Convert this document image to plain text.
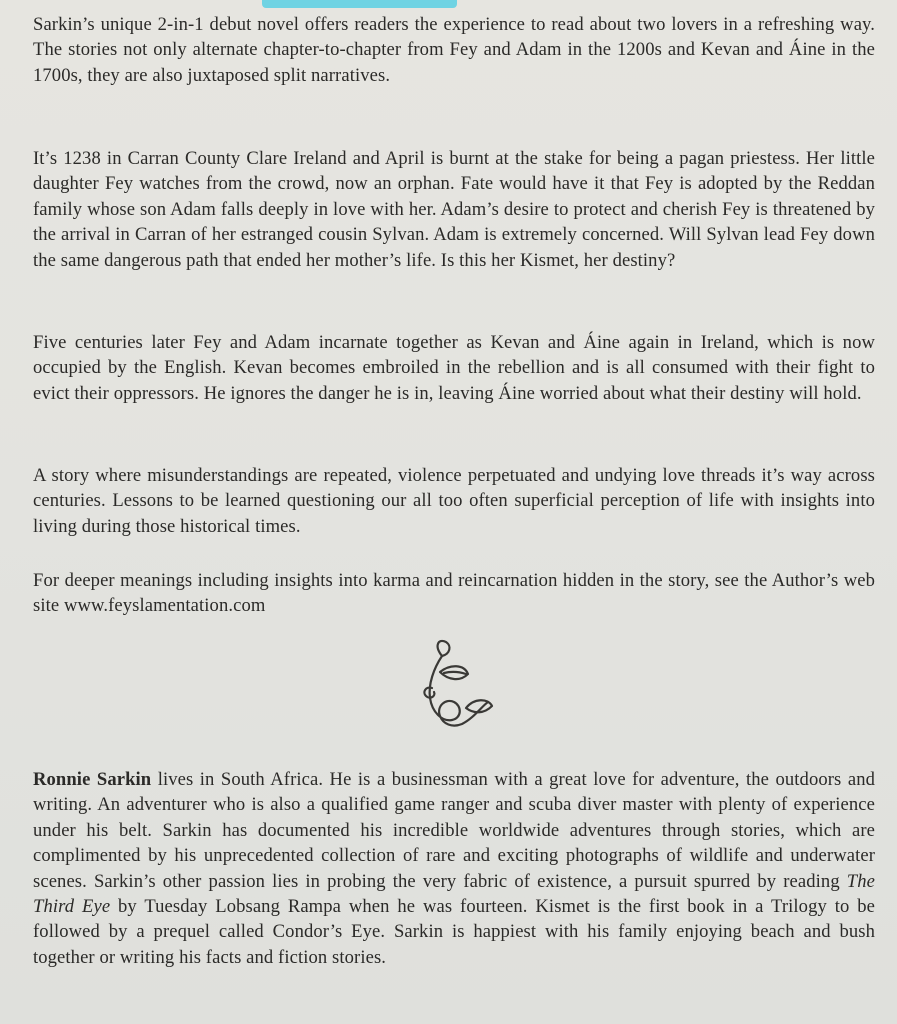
Sarkin’s unique 2-in-1 debut novel offers readers the experience to read about two lovers in a refreshing way. The stories not only alternate chapter-to-chapter from Fey and Adam in the 1200s and Kevan and Áine in the 1700s, they are also juxtaposed split narratives.

It’s 1238 in Carran County Clare Ireland and April is burnt at the stake for being a pagan priestess. Her little daughter Fey watches from the crowd, now an orphan. Fate would have it that Fey is adopted by the Reddan family whose son Adam falls deeply in love with her. Adam’s desire to protect and cherish Fey is threatened by the arrival in Carran of her estranged cousin Sylvan. Adam is extremely concerned. Will Sylvan lead Fey down the same dangerous path that ended her mother’s life. Is this her Kismet, her destiny?

Five centuries later Fey and Adam incarnate together as Kevan and Áine again in Ireland, which is now occupied by the English. Kevan becomes embroiled in the rebellion and is all consumed with their fight to evict their oppressors. He ignores the danger he is in, leaving Áine worried about what their destiny will hold.

A story where misunderstandings are repeated, violence perpetuated and undying love threads it’s way across centuries. Lessons to be learned questioning our all too often superficial perception of life with insights into living during those historical times.

For deeper meanings including insights into karma and reincarnation hidden in the story, see the Author’s web site www.feyslamentation.com

Ronnie Sarkin lives in South Africa. He is a businessman with a great love for adventure, the outdoors and writing. An adventurer who is also a qualified game ranger and scuba diver master with plenty of experience under his belt. Sarkin has documented his incredible worldwide adventures through stories, which are complimented by his unprecedented collection of rare and exciting photographs of wildlife and underwater scenes. Sarkin’s other passion lies in probing the very fabric of existence, a pursuit spurred by reading The Third Eye by Tuesday Lobsang Rampa when he was fourteen. Kismet is the first book in a Trilogy to be followed by a prequel called Condor’s Eye. Sarkin is happiest with his family enjoying beach and bush together or writing his facts and fiction stories.
